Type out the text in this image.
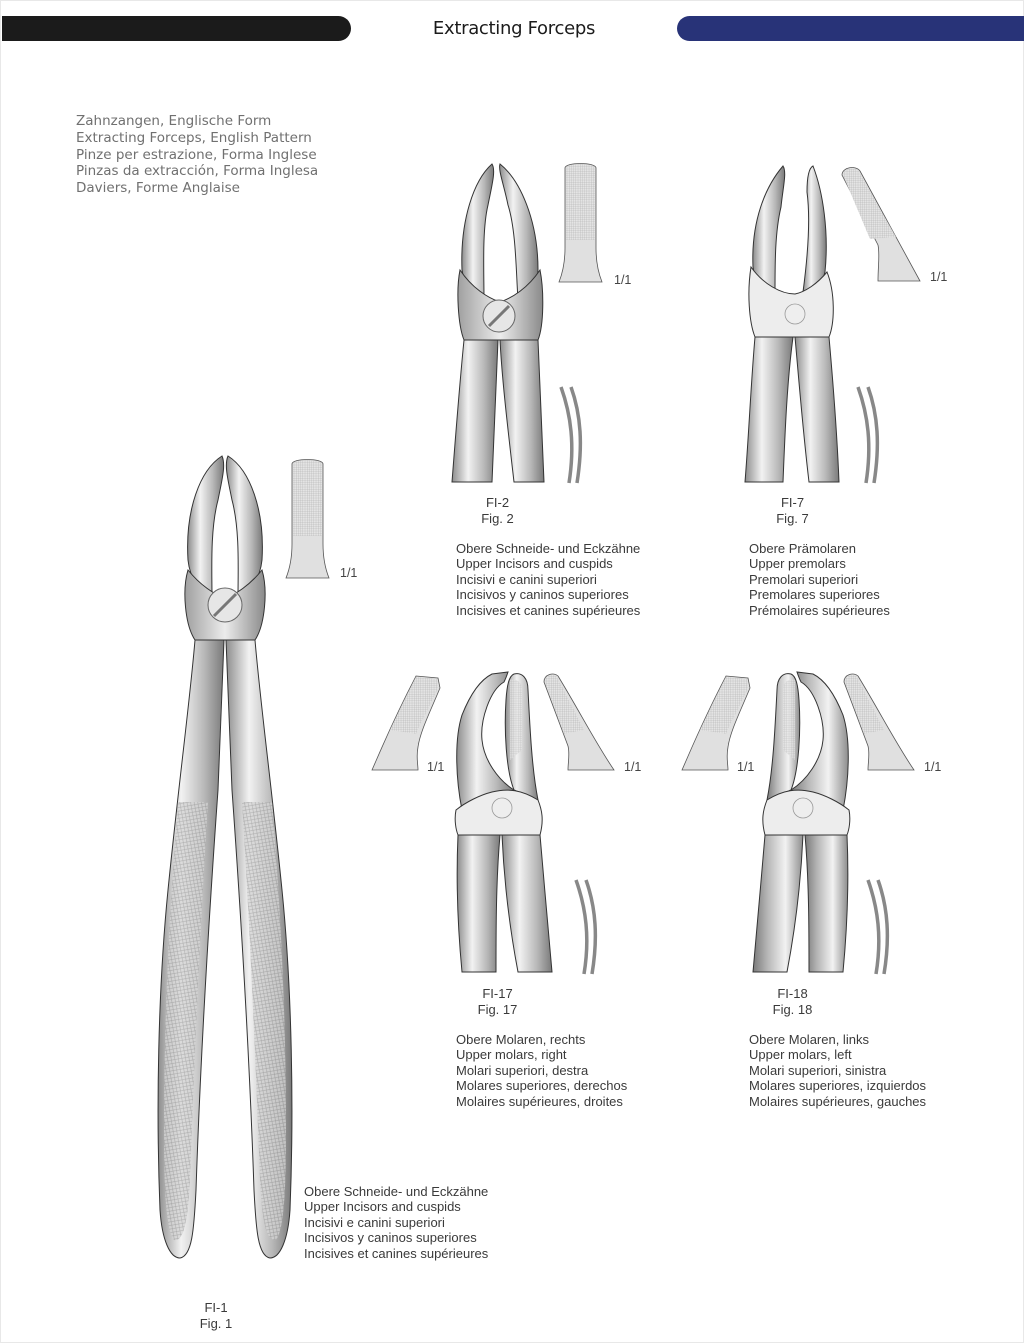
Extracting Forceps
Zahnzangen, Englische Form
Extracting Forceps, English Pattern
Pinze per estrazione, Forma Inglese
Pinzas da extracción, Forma Inglesa
Daviers, Forme Anglaise
1/1
Obere Schneide- und Eckzähne
Upper Incisors and cuspids
Incisivi e canini superiori
Incisivos y caninos superiores
Incisives et canines supérieures
FI-1
Fig. 1
1/1
FI-2
Fig. 2
Obere Schneide- und Eckzähne
Upper Incisors and cuspids
Incisivi e canini superiori
Incisivos y caninos superiores
Incisives et canines supérieures
1/1
FI-7
Fig. 7
Obere Prämolaren
Upper premolars
Premolari superiori
Premolares superiores
Prémolaires supérieures
1/1	1/1
FI-17
Fig. 17
Obere Molaren, rechts
Upper molars, right
Molari superiori, destra
Molares superiores, derechos
Molaires supérieures, droites
1/1	1/1
FI-18
Fig. 18
Obere Molaren, links
Upper molars, left
Molari superiori, sinistra
Molares superiores, izquierdos
Molaires supérieures, gauches
